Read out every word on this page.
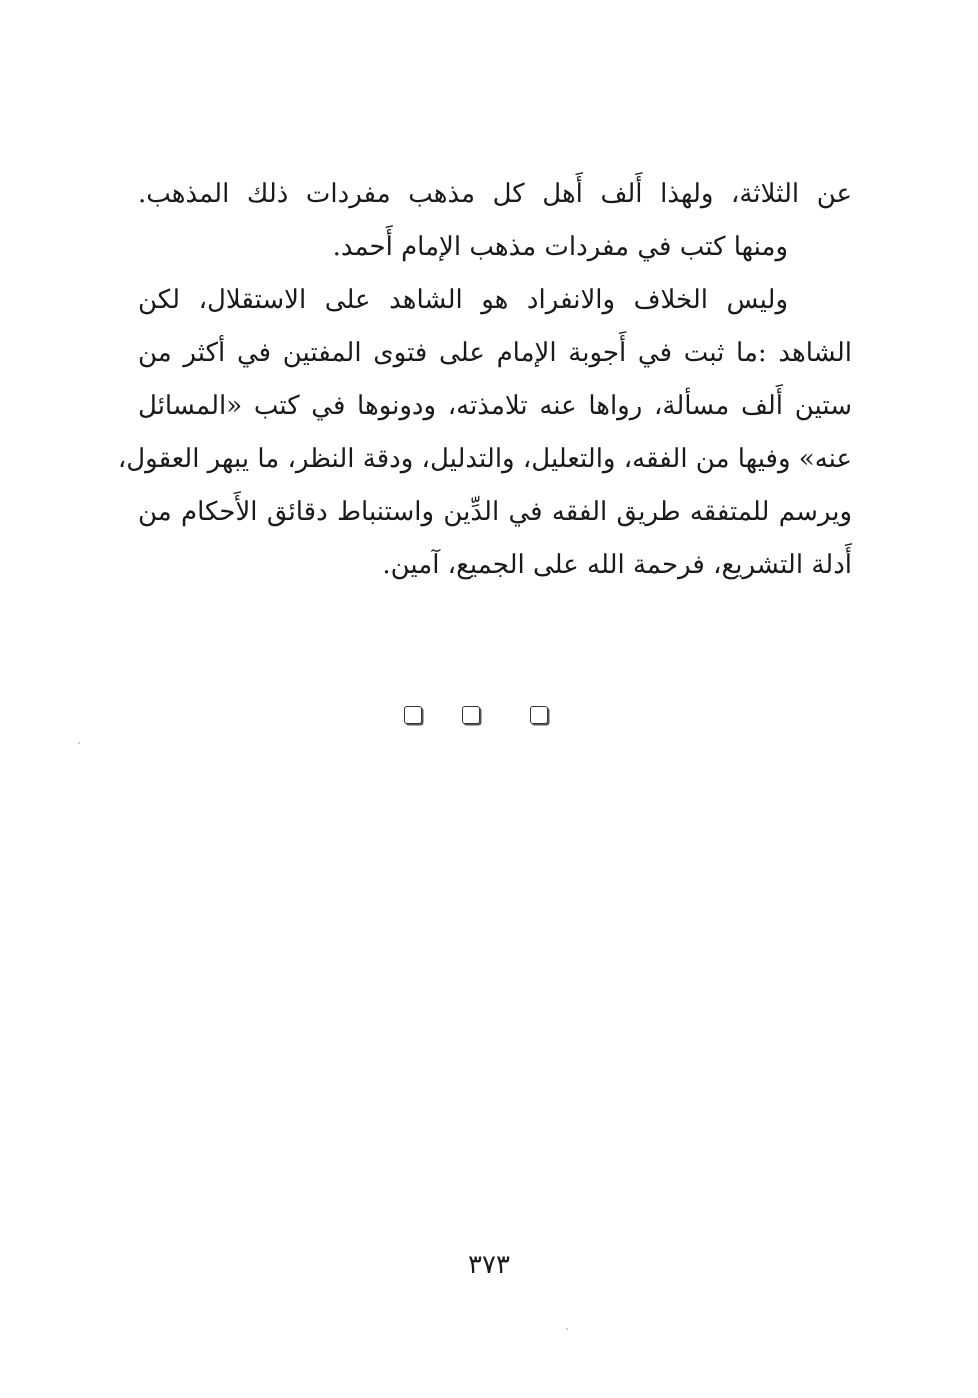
عن الثلاثة، ولهذا أَلف أَهل كل مذهب مفردات ذلك المذهب.
ومنها كتب في مفردات مذهب الإمام أَحمد.
وليس الخلاف والانفراد هو الشاهد على الاستقلال، لكن
الشاهد :ما ثبت في أَجوبة الإمام على فتوى المفتين في أكثر من
ستين أَلف مسألة، رواها عنه تلامذته، ودونوها في كتب «المسائل
عنه» وفيها من الفقه، والتعليل، والتدليل، ودقة النظر، ما يبهر العقول،
ويرسم للمتفقه طريق الفقه في الدِّين واستنباط دقائق الأَحكام من
أَدلة التشريع، فرحمة الله على الجميع، آمين.
٣٧٣
